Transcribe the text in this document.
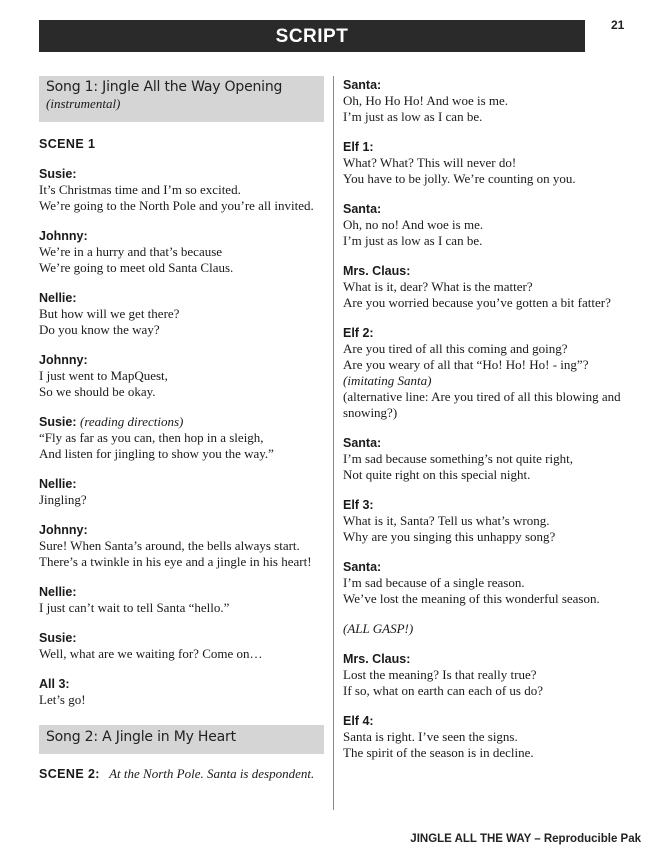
21
SCRIPT
Song 1: Jingle All the Way Opening
(instrumental)
SCENE 1
Susie:
It’s Christmas time and I’m so excited.
We’re going to the North Pole and you’re all invited.
Johnny:
We’re in a hurry and that’s because
We’re going to meet old Santa Claus.
Nellie:
But how will we get there?
Do you know the way?
Johnny:
I just went to MapQuest,
So we should be okay.
Susie: (reading directions)
“Fly as far as you can, then hop in a sleigh,
And listen for jingling to show you the way.”
Nellie:
Jingling?
Johnny:
Sure! When Santa’s around, the bells always start.
There’s a twinkle in his eye and a jingle in his heart!
Nellie:
I just can’t wait to tell Santa “hello.”
Susie:
Well, what are we waiting for? Come on…
All 3:
Let’s go!
Song 2: A Jingle in My Heart
SCENE 2: At the North Pole. Santa is despondent.
Santa:
Oh, Ho Ho Ho! And woe is me.
I’m just as low as I can be.
Elf 1:
What? What? This will never do!
You have to be jolly. We’re counting on you.
Santa:
Oh, no no! And woe is me.
I’m just as low as I can be.
Mrs. Claus:
What is it, dear? What is the matter?
Are you worried because you’ve gotten a bit fatter?
Elf 2:
Are you tired of all this coming and going?
Are you weary of all that “Ho! Ho! Ho! - ing”?
(imitating Santa)
(alternative line: Are you tired of all this blowing and
snowing?)
Santa:
I’m sad because something’s not quite right,
Not quite right on this special night.
Elf 3:
What is it, Santa? Tell us what’s wrong.
Why are you singing this unhappy song?
Santa:
I’m sad because of a single reason.
We’ve lost the meaning of this wonderful season.
(ALL GASP!)
Mrs. Claus:
Lost the meaning? Is that really true?
If so, what on earth can each of us do?
Elf 4:
Santa is right. I’ve seen the signs.
The spirit of the season is in decline.
JINGLE ALL THE WAY – Reproducible Pak
